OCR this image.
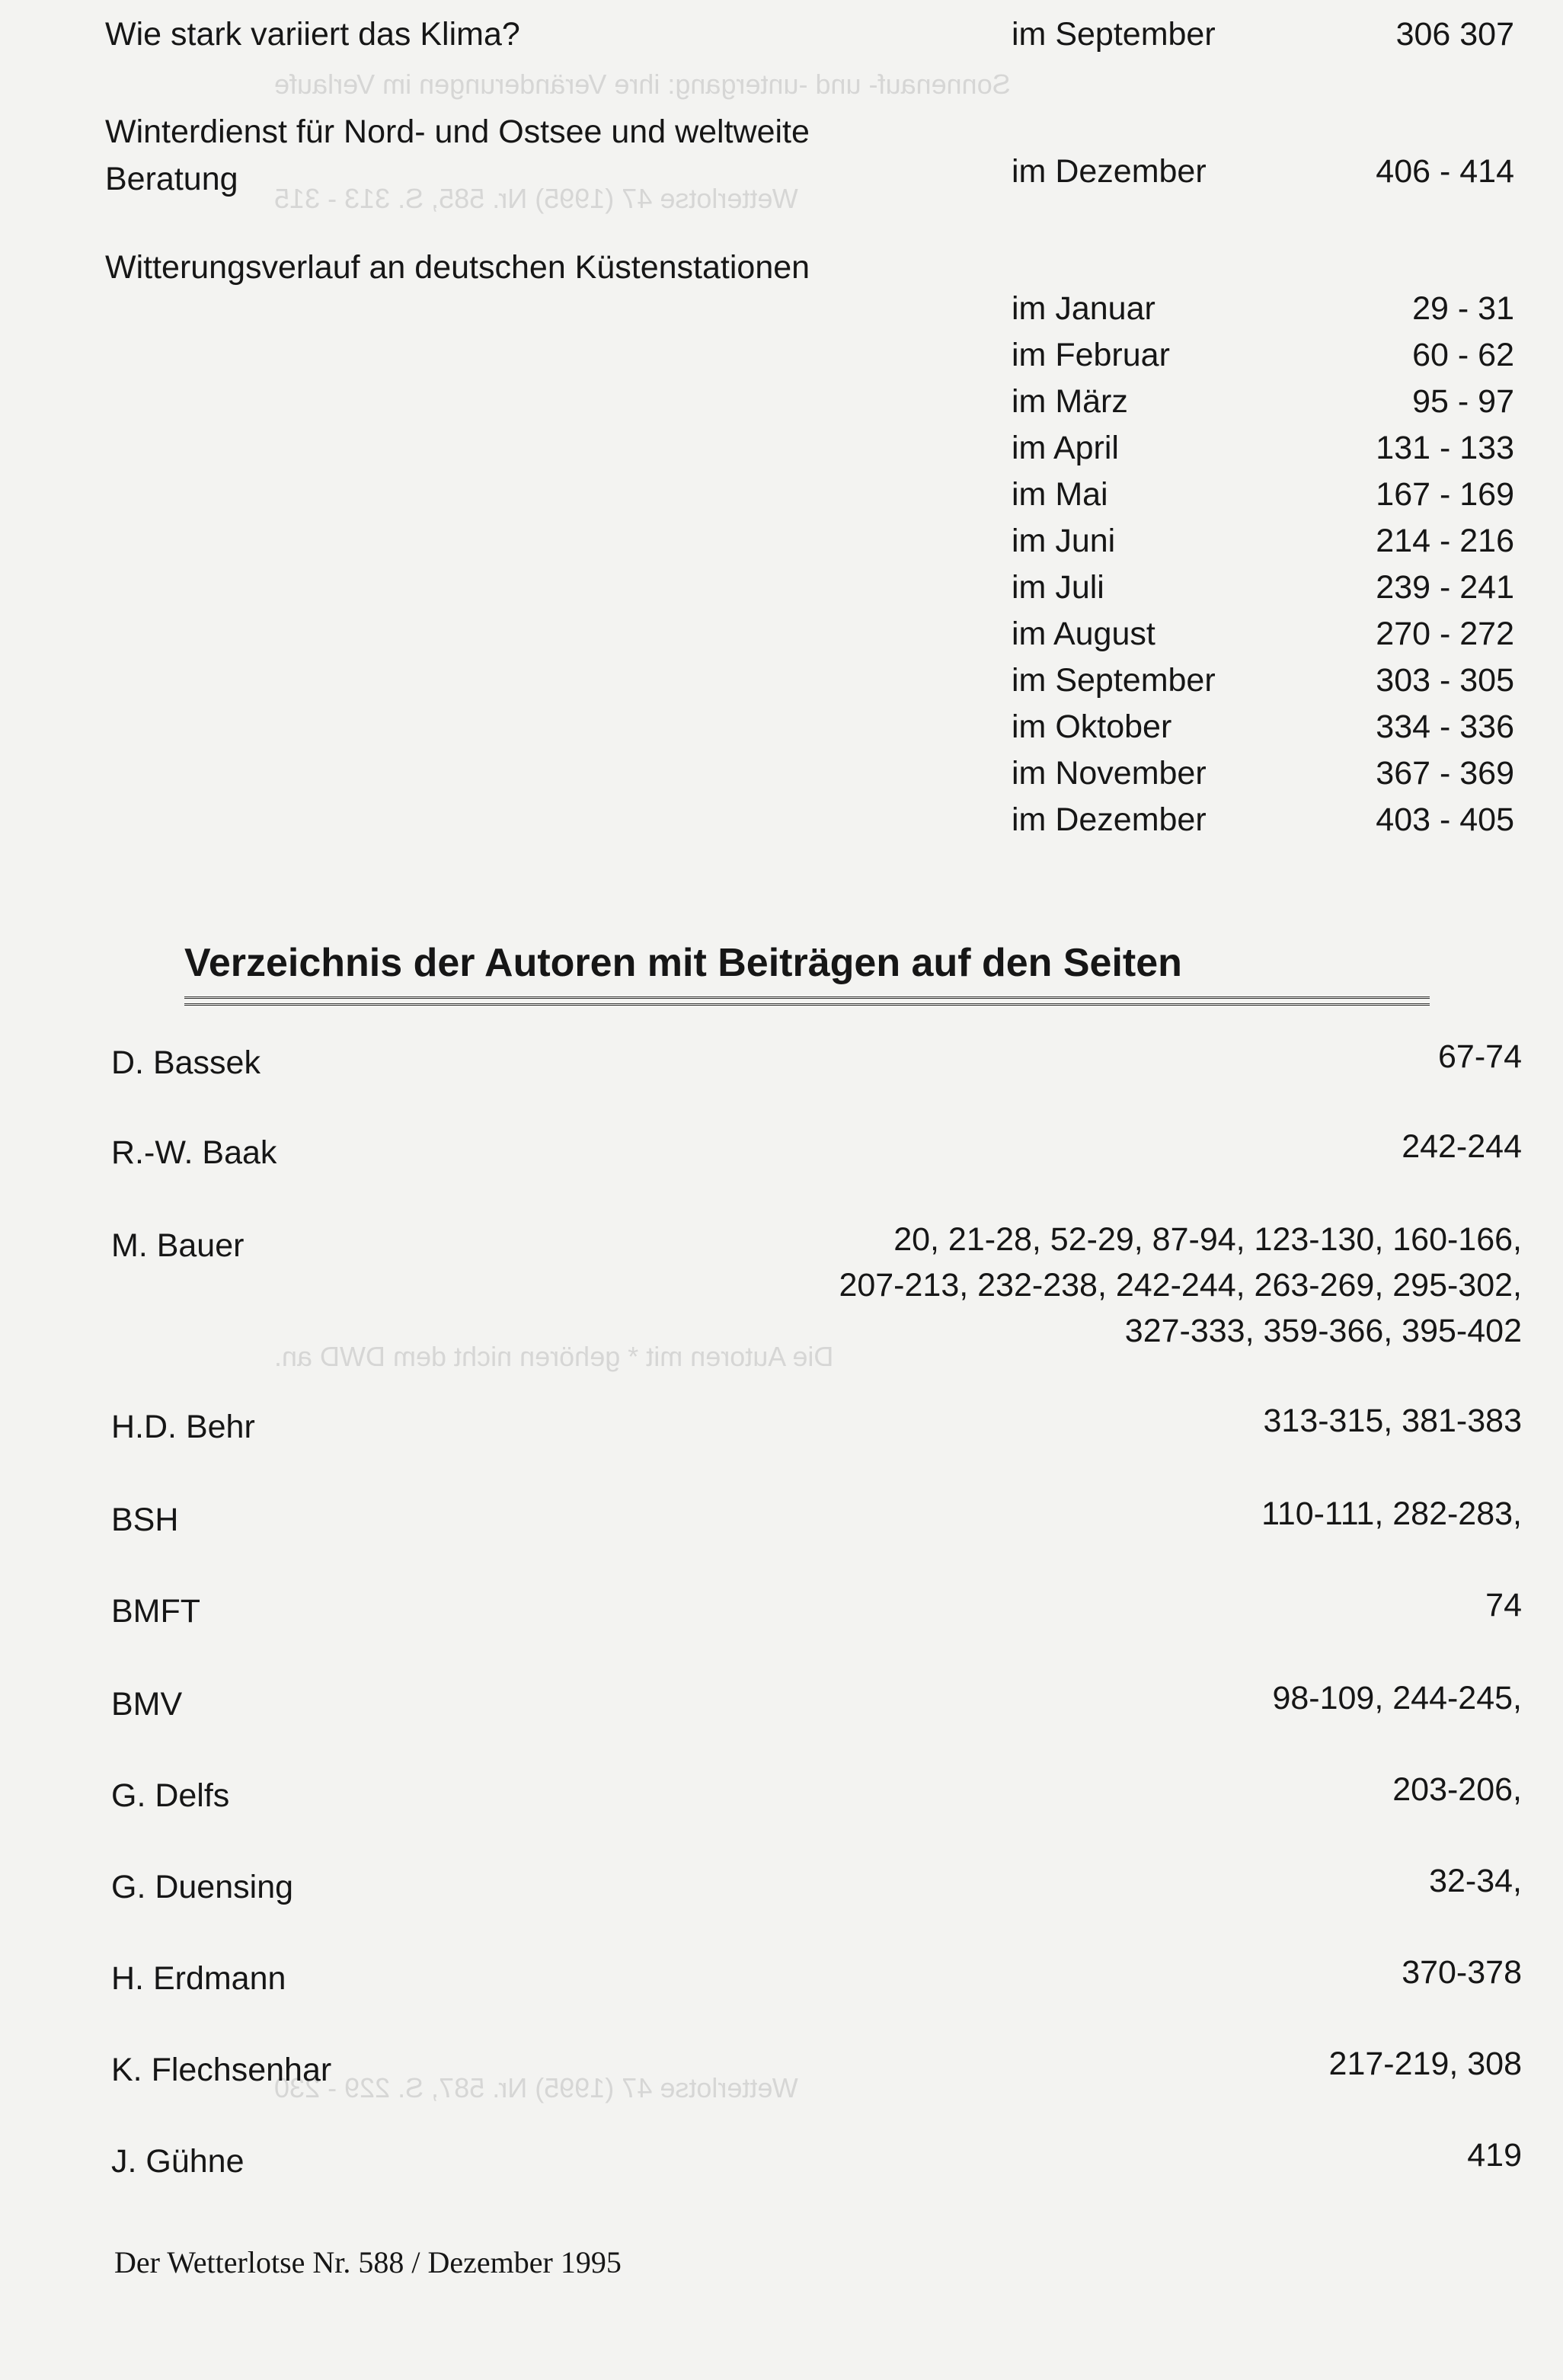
Sonnenauf- und -untergang: ihre Veränderungen im Verlaufe
Wetterlotse 47 (1995) Nr. 585, S. 313 - 315
Die Autoren mit * gehören nicht dem DWD an.
Wetterlotse 47 (1995) Nr. 587, S. 229 - 230
Wie stark variiert das Klima?	im September	306 307
Winterdienst für Nord- und Ostsee und weltweite
Beratung	im Dezember	406 - 414
Witterungsverlauf an deutschen Küstenstationen
im Januar	29 - 31
im Februar	60 - 62
im März	95 - 97
im April	131 - 133
im Mai	167 - 169
im Juni	214 - 216
im Juli	239 - 241
im August	270 - 272
im September	303 - 305
im Oktober	334 - 336
im November	367 - 369
im Dezember	403 - 405
Verzeichnis der Autoren mit Beiträgen auf den Seiten
D. Bassek	67-74
R.-W. Baak	242-244
M. Bauer	20, 21-28, 52-29, 87-94, 123-130, 160-166,
207-213, 232-238, 242-244, 263-269, 295-302,
327-333, 359-366, 395-402
H.D. Behr	313-315, 381-383
BSH	110-111, 282-283,
BMFT	74
BMV	98-109, 244-245,
G. Delfs	203-206,
G. Duensing	32-34,
H. Erdmann	370-378
K. Flechsenhar	217-219, 308
J. Gühne	419
Der Wetterlotse Nr. 588 / Dezember 1995
